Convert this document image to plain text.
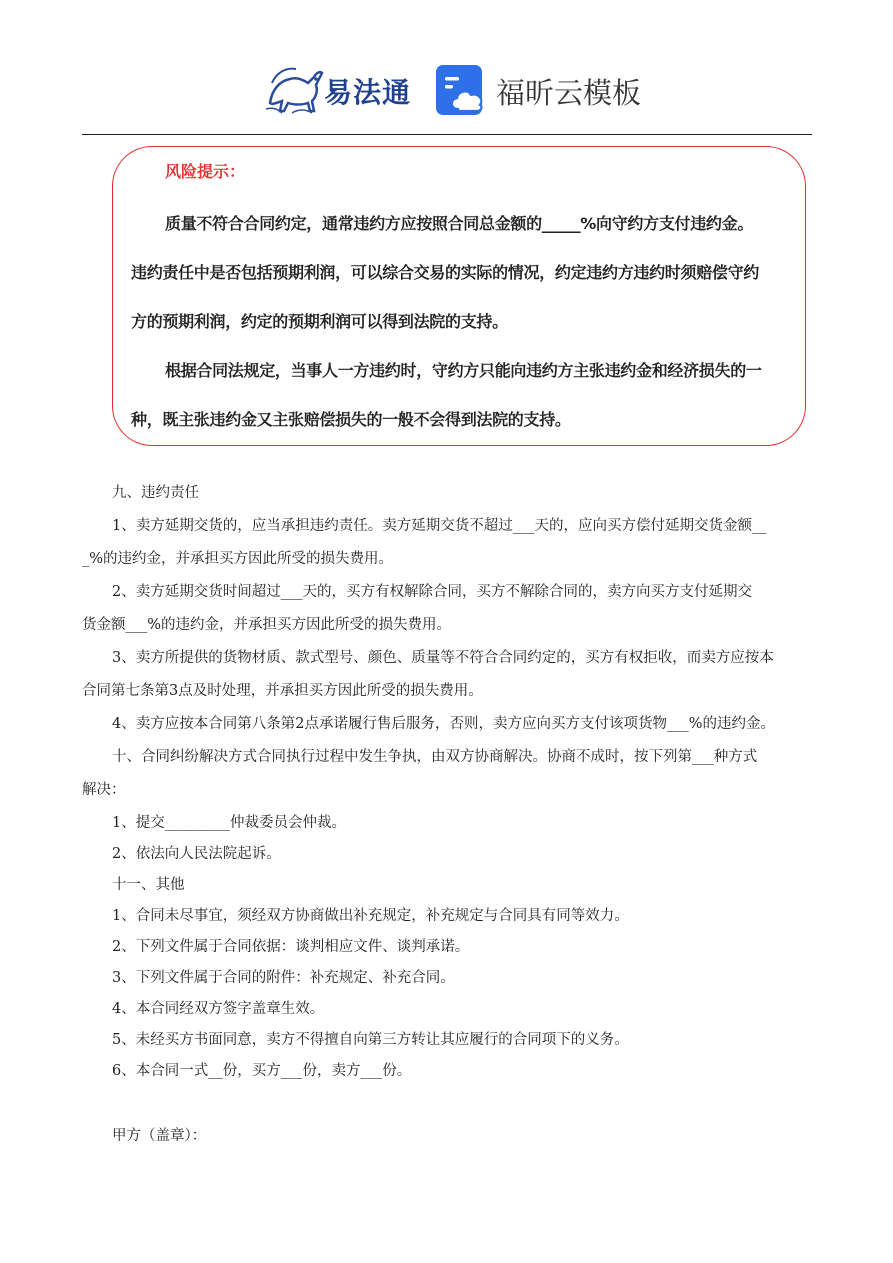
易法通	福昕云模板
风险提示：
质量不符合合同约定，通常违约方应按照合同总金额的_____%向守约方支付违约金。
违约责任中是否包括预期利润，可以综合交易的实际的情况，约定违约方违约时须赔偿守约
方的预期利润，约定的预期利润可以得到法院的支持。
根据合同法规定，当事人一方违约时，守约方只能向违约方主张违约金和经济损失的一
种，既主张违约金又主张赔偿损失的一般不会得到法院的支持。
九、违约责任
1、卖方延期交货的，应当承担违约责任。卖方延期交货不超过___天的，应向买方偿付延期交货金额__
_%的违约金，并承担买方因此所受的损失费用。
2、卖方延期交货时间超过___天的，买方有权解除合同，买方不解除合同的，卖方向买方支付延期交
货金额___%的违约金，并承担买方因此所受的损失费用。
3、卖方所提供的货物材质、款式型号、颜色、质量等不符合合同约定的，买方有权拒收，而卖方应按本
合同第七条第3点及时处理，并承担买方因此所受的损失费用。
4、卖方应按本合同第八条第2点承诺履行售后服务，否则，卖方应向买方支付该项货物___%的违约金。
十、合同纠纷解决方式合同执行过程中发生争执，由双方协商解决。协商不成时，按下列第___种方式
解决：
1、提交_________仲裁委员会仲裁。
2、依法向人民法院起诉。
十一、其他
1、合同未尽事宜，须经双方协商做出补充规定，补充规定与合同具有同等效力。
2、下列文件属于合同依据：谈判相应文件、谈判承诺。
3、下列文件属于合同的附件：补充规定、补充合同。
4、本合同经双方签字盖章生效。
5、未经买方书面同意，卖方不得擅自向第三方转让其应履行的合同项下的义务。
6、本合同一式__份，买方___份，卖方___份。
甲方（盖章）：
